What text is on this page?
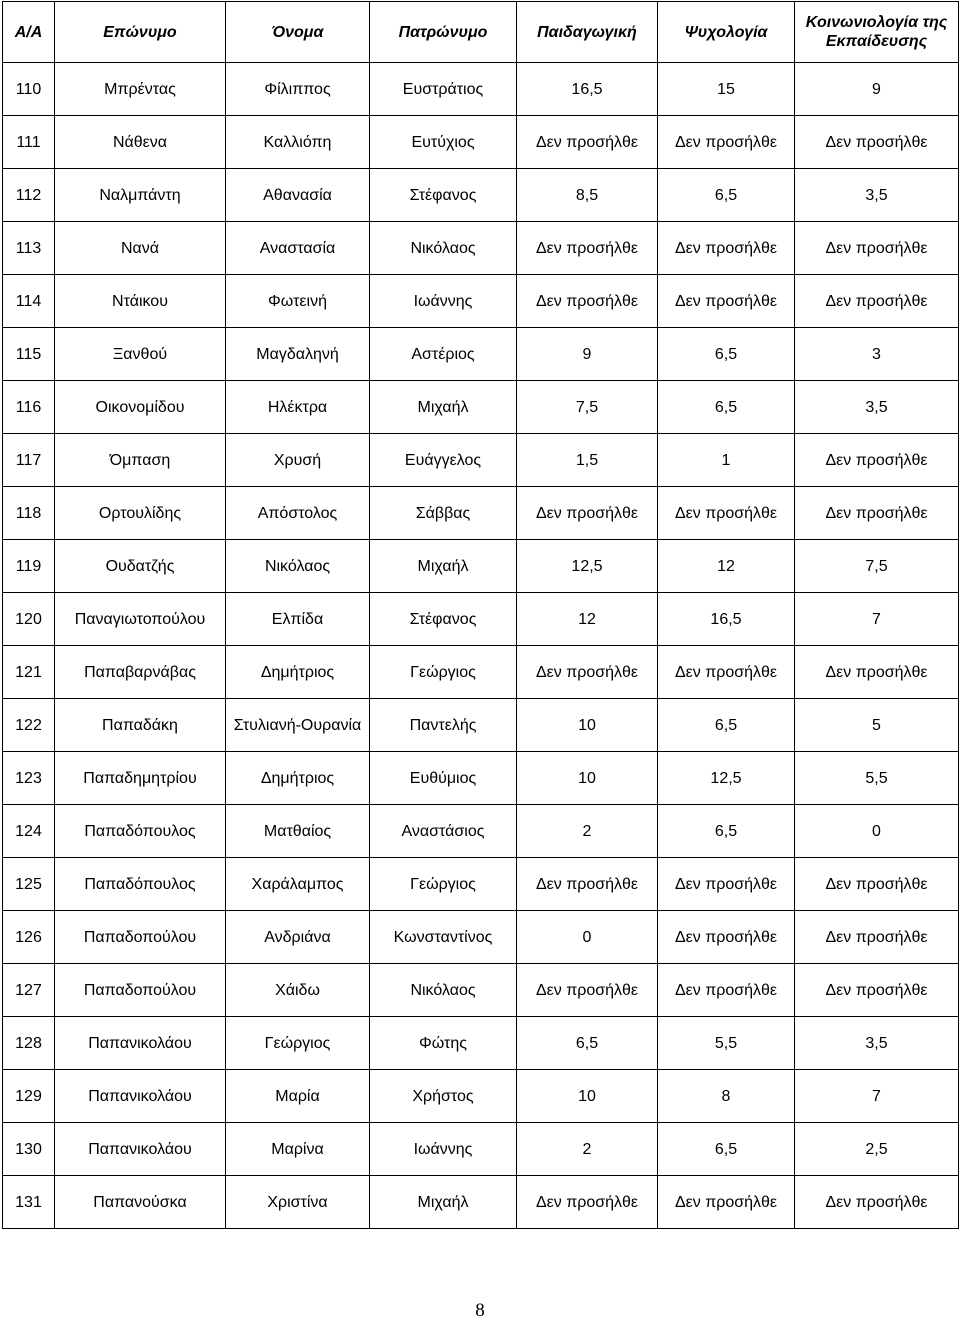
Α/Α	Επώνυμο	Όνομα	Πατρώνυμο	Παιδαγωγική	Ψυχολογία	Κοινωνιολογία της Εκπαίδευσης
110	Μπρέντας	Φίλιππος	Ευστράτιος	16,5	15	9
111	Νάθενα	Καλλιόπη	Ευτύχιος	Δεν προσήλθε	Δεν προσήλθε	Δεν προσήλθε
112	Ναλμπάντη	Αθανασία	Στέφανος	8,5	6,5	3,5
113	Νανά	Αναστασία	Νικόλαος	Δεν προσήλθε	Δεν προσήλθε	Δεν προσήλθε
114	Ντάικου	Φωτεινή	Ιωάννης	Δεν προσήλθε	Δεν προσήλθε	Δεν προσήλθε
115	Ξανθού	Μαγδαληνή	Αστέριος	9	6,5	3
116	Οικονομίδου	Ηλέκτρα	Μιχαήλ	7,5	6,5	3,5
117	Όμπαση	Χρυσή	Ευάγγελος	1,5	1	Δεν προσήλθε
118	Ορτουλίδης	Απόστολος	Σάββας	Δεν προσήλθε	Δεν προσήλθε	Δεν προσήλθε
119	Ουδατζής	Νικόλαος	Μιχαήλ	12,5	12	7,5
120	Παναγιωτοπούλου	Ελπίδα	Στέφανος	12	16,5	7
121	Παπαβαρνάβας	Δημήτριος	Γεώργιος	Δεν προσήλθε	Δεν προσήλθε	Δεν προσήλθε
122	Παπαδάκη	Στυλιανή-Ουρανία	Παντελής	10	6,5	5
123	Παπαδημητρίου	Δημήτριος	Ευθύμιος	10	12,5	5,5
124	Παπαδόπουλος	Ματθαίος	Αναστάσιος	2	6,5	0
125	Παπαδόπουλος	Χαράλαμπος	Γεώργιος	Δεν προσήλθε	Δεν προσήλθε	Δεν προσήλθε
126	Παπαδοπούλου	Ανδριάνα	Κωνσταντίνος	0	Δεν προσήλθε	Δεν προσήλθε
127	Παπαδοπούλου	Χάιδω	Νικόλαος	Δεν προσήλθε	Δεν προσήλθε	Δεν προσήλθε
128	Παπανικολάου	Γεώργιος	Φώτης	6,5	5,5	3,5
129	Παπανικολάου	Μαρία	Χρήστος	10	8	7
130	Παπανικολάου	Μαρίνα	Ιωάννης	2	6,5	2,5
131	Παπανούσκα	Χριστίνα	Μιχαήλ	Δεν προσήλθε	Δεν προσήλθε	Δεν προσήλθε
8
